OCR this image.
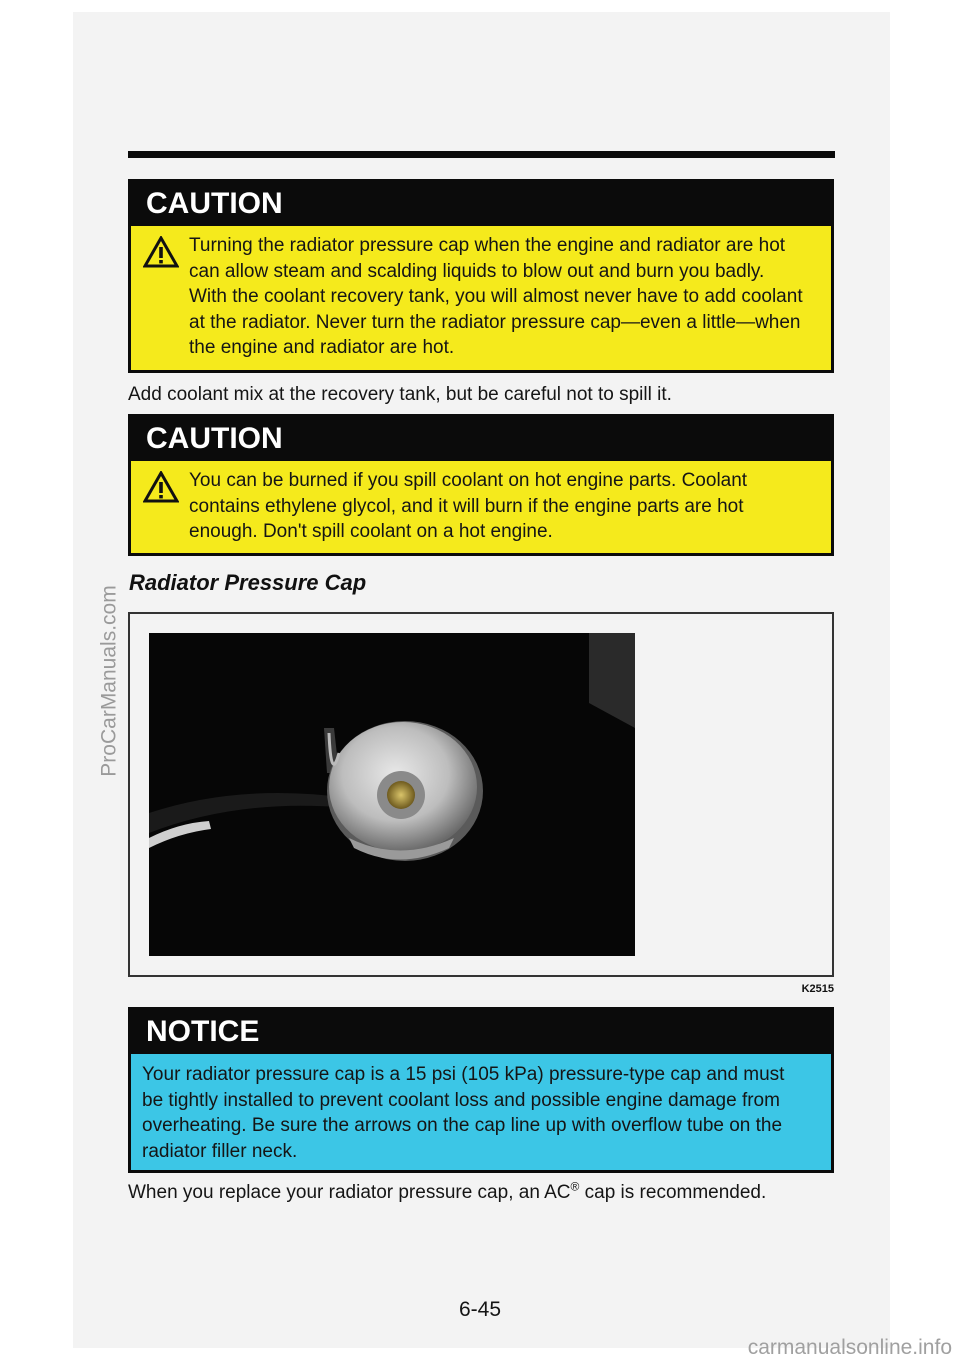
ProCarManuals.com
CAUTION
Turning the radiator pressure cap when the engine and radiator are hot can allow steam and scalding liquids to blow out and burn you badly. With the coolant recovery tank, you will almost never have to add coolant at the radiator. Never turn the radiator pressure cap—even a little—when the engine and radiator are hot.
Add coolant mix at the recovery tank, but be careful not to spill it.
CAUTION
You can be burned if you spill coolant on hot engine parts. Coolant contains ethylene glycol, and it will burn if the engine parts are hot enough. Don't spill coolant on a hot engine.
Radiator Pressure Cap
K2515
NOTICE
Your radiator pressure cap is a 15 psi (105 kPa) pressure-type cap and must be tightly installed to prevent coolant loss and possible engine damage from overheating. Be sure the arrows on the cap line up with overflow tube on the radiator filler neck.
When you replace your radiator pressure cap, an AC® cap is recommended.
6-45
carmanualsonline.info
